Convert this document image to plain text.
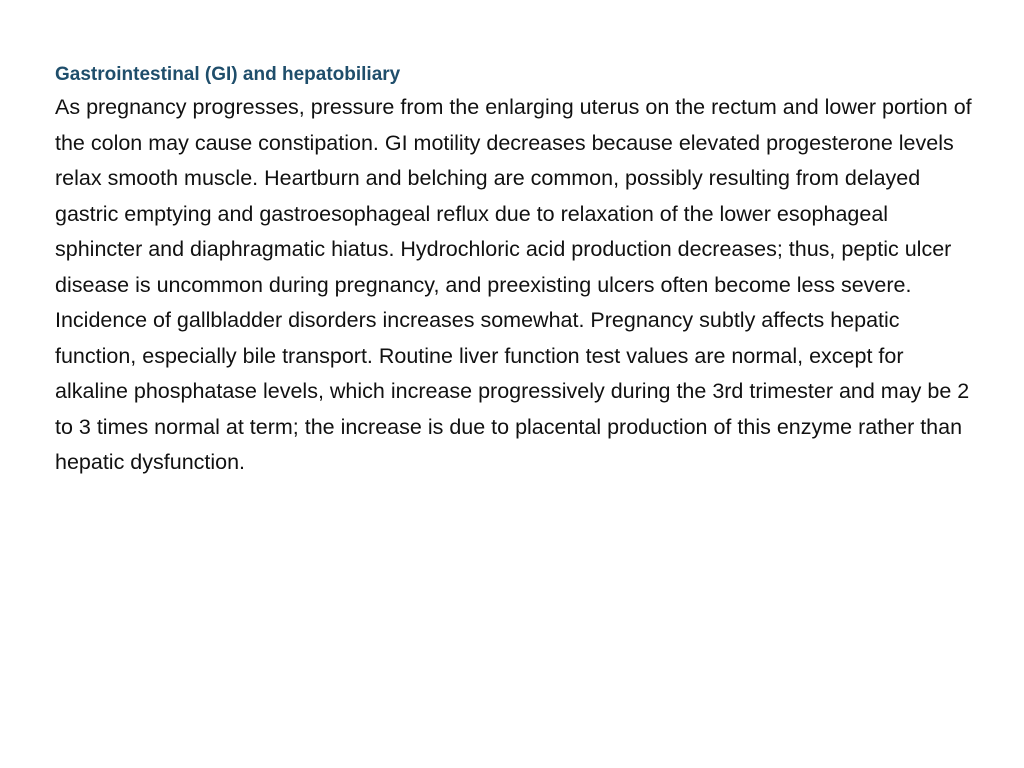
Gastrointestinal (GI) and hepatobiliary

As pregnancy progresses, pressure from the enlarging uterus on the rectum and lower portion of the colon may cause constipation. GI motility decreases because elevated progesterone levels relax smooth muscle. Heartburn and belching are common, possibly resulting from delayed gastric emptying and gastroesophageal reflux due to relaxation of the lower esophageal sphincter and diaphragmatic hiatus. Hydrochloric acid production decreases; thus, peptic ulcer disease is uncommon during pregnancy, and preexisting ulcers often become less severe.

Incidence of gallbladder disorders increases somewhat. Pregnancy subtly affects hepatic function, especially bile transport. Routine liver function test values are normal, except for alkaline phosphatase levels, which increase progressively during the 3rd trimester and may be 2 to 3 times normal at term; the increase is due to placental production of this enzyme rather than hepatic dysfunction.
